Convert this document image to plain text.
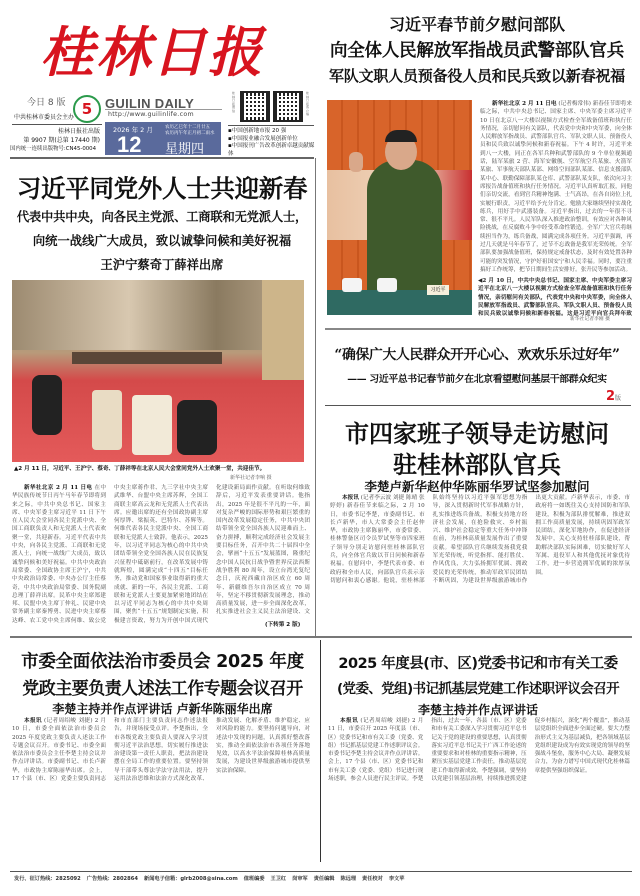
桂林日报
今日 8 版	5
中共桂林市委员会主办
桂林日报社出版
第 9907 期(总第 17440 期)
国内统一连续出版物号:CN45-0004
GUILIN DAILY
http://www.guilinlife.com
2026 年 2 月
12
农历乙巳年十二月廿五
农历丙午年正月初二雨水
星期四
桂林日报微信
桂林日报客户端
▪中国创新地市报 20 强
▪中国报业融合发展创新单位
▪中国报刊广告改革创新卓越贡献媒体
习近平同党外人士共迎新春
代表中共中央，向各民主党派、工商联和无党派人士，
向统一战线广大成员，致以诚挚问候和美好祝福
王沪宁蔡奇丁薛祥出席
▲2 月 11 日，习近平、王沪宁、蔡奇、丁薛祥等在北京人民大会堂同党外人士欢聚一堂，共迎佳节。
新华社记者李响 摄
新华社北京 2 月 11 日电 在中华民族传统节日丙午马年春节即将到来之际，中共中央总书记、国家主席、中央军委主席习近平 11 日下午在人民大会堂同各民主党派中央、全国工商联负责人和无党派人士代表欢聚一堂，共迎新春。习近平代表中共中央，向各民主党派、工商联和无党派人士，向统一战线广大成员，致以诚挚问候和美好祝福。中共中央政治局常委、全国政协主席王沪宁，中共中央政治局常委、中央办公厅主任蔡奇，中共中央政治局常委、国务院副总理丁薛祥出席。民革中央主席郑建邦、民盟中央主席丁仲礼、民建中央常务副主席秦博勇、民进中央主席蔡达峰、农工党中央主席何维、致公党中央主席蒋作君、九三学社中央主席武维华、台盟中央主席苏辉，全国工商联主席高云龙和无党派人士代表出席。应邀出席的还有全国政协副主席何厚铧、梁振英、巴特尔、苏辉等。何维代表各民主党派中央、全国工商联和无党派人士致辞。他表示，2025 年，以习近平同志为核心的中共中央团结带领全党全国各族人民在民族复兴征程中砥砺前行，在改革发展中铸就辉煌，圆满完成“十四五”目标任务，推动党和国家事业取得新的重大成就、新的一年，各民主党派、工商联和无党派人士要更加紧密地团结在以习近平同志为核心的中共中央周围，聚焦“十五五”规划制定实施，积极建言资政，努力为开创中国式现代化建设新局面作贡献。在听取何维致辞后，习近平发表重要讲话。他指出，2025 年是很不平凡的一年，面对复杂严峻的国际形势和艰巨繁重的国内改革发展稳定任务，中共中央团结带领全党全国各族人民迎难而上、奋力拼搏，顺利完成经济社会发展主要目标任务，召开中共二十届四中全会，擘画“十五五”发展蓝图，隆重纪念中国人民抗日战争暨世界反法西斯战争胜利 80 周年，设立台湾光复纪念日，庆祝西藏自治区成立 60 周年、新疆维吾尔自治区成立 70 周年，坚定不移贯彻新发展理念，推动高质量发展，进一步全面深化改革，扎实推进社会主义民主法治建设、文
(下转第 2 版)
习近平春节前夕慰问部队
向全体人民解放军指战员武警部队官兵
军队文职人员预备役人员和民兵致以新春祝福
习近平
新华社北京 2 月 11 日电 (记者梅常伟) 新春佳节即将来临之际，中共中央总书记、国家主席、中央军委主席习近平 10 日在北京八一大楼以视频方式检查全军战备值班和执行任务情况，亲切慰问有关部队，代表党中央和中央军委，向全体人民解放军指战员、武警部队官兵、军队文职人员、预备役人员和民兵致以诚挚问候和新春祝福。下午 4 时许，习近平来到八一大楼，同正在各军兵种和武警部队的 9 个单位视频通话，陆军某旅 2 营、海军安徽舰、空军航空兵某旅、火箭军某旅、军事航天部队某部、网络空间部队某部、信息支援部队某中心、联勤保障部队某仓库、武警部队某支队，依次向习主席报告战备值班和执行任务情况。习近平认真听取汇报，同他们亲切交流，看到官兵精神饱满、士气高昂，在各自岗位上扎实履行职责，习近平给予充分肯定。勉励大家继续坚持实战化练兵，用好手中武器装备。习近平指出，过去的一年很不寻常、很不平凡。人民军队深入推进政治整训，有效应对各种风险挑战，在反腐败斗争中经受革命性锻造。全军广大官兵将继续担当作为，练兵备战，圆满完成各项任务。习近平强调，再过几天就是马年春节了，过节不忘战备是我军光荣传统。全军部队要加强战备值班，保持规定戒备状态，及时有效处置各种可能的突发情况，守护好祖国安宁和人民幸福。同时，要注重搞好工作统筹，把节日期间生活安排好。张升民等参加活动。
◀2 月 10 日，中共中央总书记、国家主席、中央军委主席习近平在北京八一大楼以视频方式检查全军战备值班和执行任务情况，亲切慰问有关部队，代表党中央和中央军委，向全体人民解放军指战员、武警部队官兵、军队文职人员、预备役人员和民兵致以诚挚问候和新春祝福。这是习近平向官兵拜年致
新华社记者李刚 摄
“确保广大人民群众开开心心、欢欢乐乐过好年”
—— 习近平总书记春节前夕在北京看望慰问基层干部群众纪实
2版
市四家班子领导走访慰问
驻桂林部队官兵
李楚卢新华赵仲华陈丽华罗试坚参加慰问
本报讯 (记者李云波 刘捷 陈晴 张婷婷) 新春佳节来临之际，2 月 10 日，市委书记李楚，市委副书记、市长卢新华，市人大常委会主任赵仲华，市政协主席陈丽华，市委常委、桂林警备区司令员罗试坚等市四家班子领导分别走访慰问驻桂林部队官兵，向全体官兵致以节日问候和新春祝福。在慰问中，李楚代表市委、市政府和全市人民，向部队官兵表示亲切慰问和衷心感谢。他说，驻桂林部队始终坚持以习近平强军思想为指导，深入贯彻新时代军事战略方针，扎实推进练兵备战，积极支持地方经济社会发展，在抢险救灾、乡村振兴、维护社会稳定等重大任务中冲锋在前，为桂林高质量发展作出了重要贡献。希望部队官兵继续发扬我党我军光荣传统，听党指挥、能打胜仗、作风优良，大力弘扬拥军优属、拥政爱民的光荣传统，推动军政军民团结不断巩固，为建设世界级旅游城市作出更大贡献。卢新华表示，市委、市政府将一如既往关心支持国防和军队建设，积极为部队排忧解难，推进双拥工作高质量发展，持续巩固军政军民团结，深化军地协作，在促进经济发展中，关心支持驻桂部队建设，帮助解决部队实际困难，切实做好军人军属、退役军人和其他优抚对象优待工作，进一步营造拥军优属的浓厚氛围。
市委全面依法治市委员会 2025 年度
党政主要负责人述法工作专题会议召开
李楚主持并作点评讲话 卢新华陈丽华出席
本报讯 (记者周绍峻 刘捷) 2 月 10 日，市委全面依法治市委员会 2025 年度党政主要负责人述法工作专题会议召开。市委书记、市委全面依法治市委员会主任李楚主持会议并作点评讲话。市委副书记、市长卢新华，市政协主席陈丽华出席。会上，17 个县（市、区）党委主要负责同志和市直部门主要负责同志作述法报告，并现场接受点评。李楚指出，全市各级党政主要负责人要深入学习贯彻习近平法治思想，切实履行推进法治建设第一责任人职责，把法治建设摆在全局工作的重要位置。要坚持领导干部带头尊法学法守法用法，提升运用法治思维和法治方式深化改革、推动发展、化解矛盾、维护稳定、应对风险的能力。要坚持问题导向，对述法中发现的问题，认真抓好整改落实，推动全面依法治市各项任务落地见效，以高水平法治保障桂林高质量发展，为建设世界级旅游城市提供坚实法治保障。
2025 年度县(市、区)党委书记和市有关工委
(党委、党组)书记抓基层党建工作述职评议会召开
李楚主持并作点评讲话
本报讯 (记者周绍峻 刘捷) 2 月 11 日，市委召开 2025 年度县（市、区）党委书记和市有关工委（党委、党组）书记抓基层党建工作述职评议会。市委书记李楚主持会议并作点评讲话。会上，17 个县（市、区）党委书记和市有关工委（党委、党组）书记进行现场述职，参会人员进行民主评议。李楚指出，过去一年，各县（市、区）党委和市有关工委深入学习贯彻习近平总书记关于党的建设的重要思想，认真贯彻落实习近平总书记关于广西工作论述的重要要求和对桂林的重要指示精神，压紧压实基层党建工作责任，推动基层党建工作取得新成效。李楚强调，要坚持以党建引领基层治理，持续推进抓党建促乡村振兴，深化“两个覆盖”，推动基层党组织全面进步全面过硬。要大力整治形式主义为基层减负，把各领域基层党组织建设成为有效实现党的领导的坚强战斗堡垒，服务中心大局、凝聚发展合力，为奋力谱写中国式现代化桂林篇章提供坚强组织保证。
发行、征订热线：2825092 广告热线：2802864 新闻电子信箱：glrb2008@sina.com 值班编委 王卫红 岗审军 责任编辑 陈远理 责任校对 李文苹
